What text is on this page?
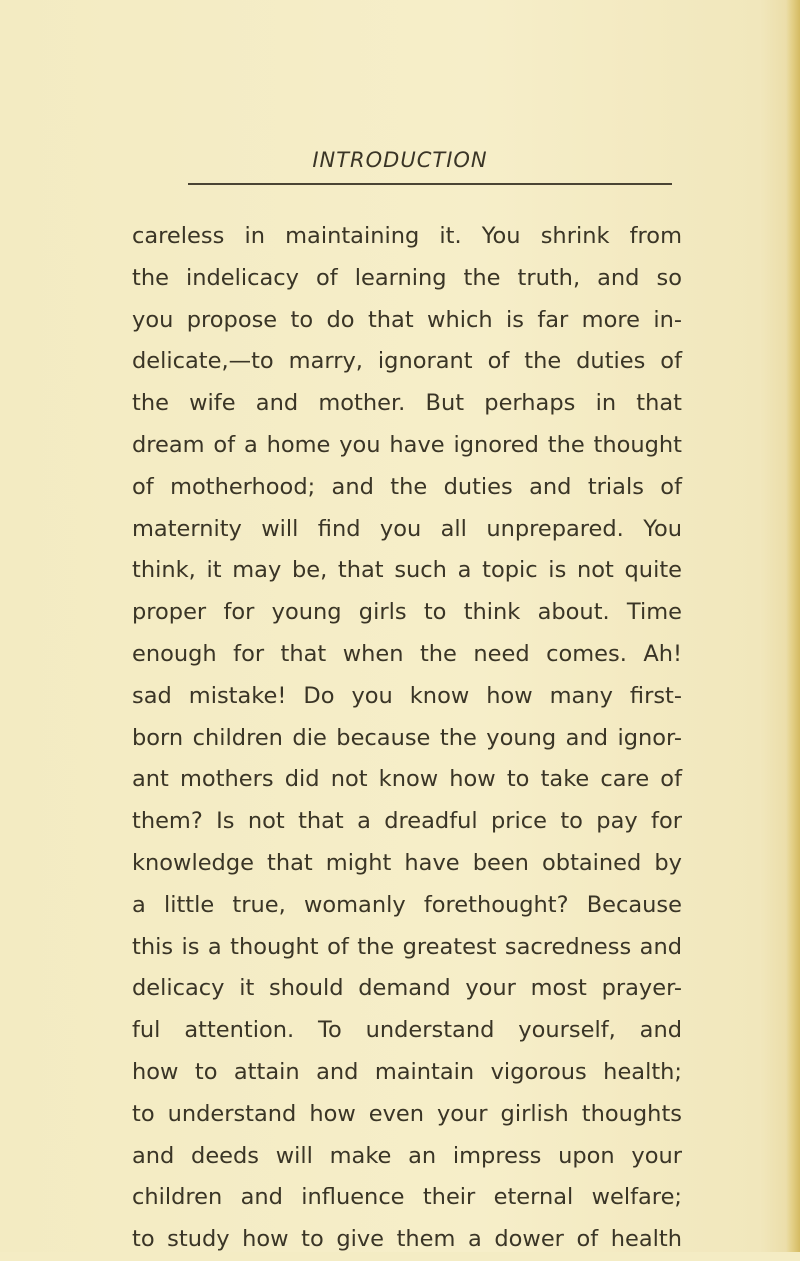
INTRODUCTION
careless in maintaining it. You shrink from
the indelicacy of learning the truth, and so
you propose to do that which is far more in-
delicate,—to marry, ignorant of the duties of
the wife and mother. But perhaps in that
dream of a home you have ignored the thought
of motherhood; and the duties and trials of
maternity will find you all unprepared. You
think, it may be, that such a topic is not quite
proper for young girls to think about. Time
enough for that when the need comes. Ah!
sad mistake! Do you know how many first-
born children die because the young and ignor-
ant mothers did not know how to take care of
them? Is not that a dreadful price to pay for
knowledge that might have been obtained by
a little true, womanly forethought? Because
this is a thought of the greatest sacredness and
delicacy it should demand your most prayer-
ful attention. To understand yourself, and
how to attain and maintain vigorous health;
to understand how even your girlish thoughts
and deeds will make an impress upon your
children and influence their eternal welfare;
to study how to give them a dower of health
